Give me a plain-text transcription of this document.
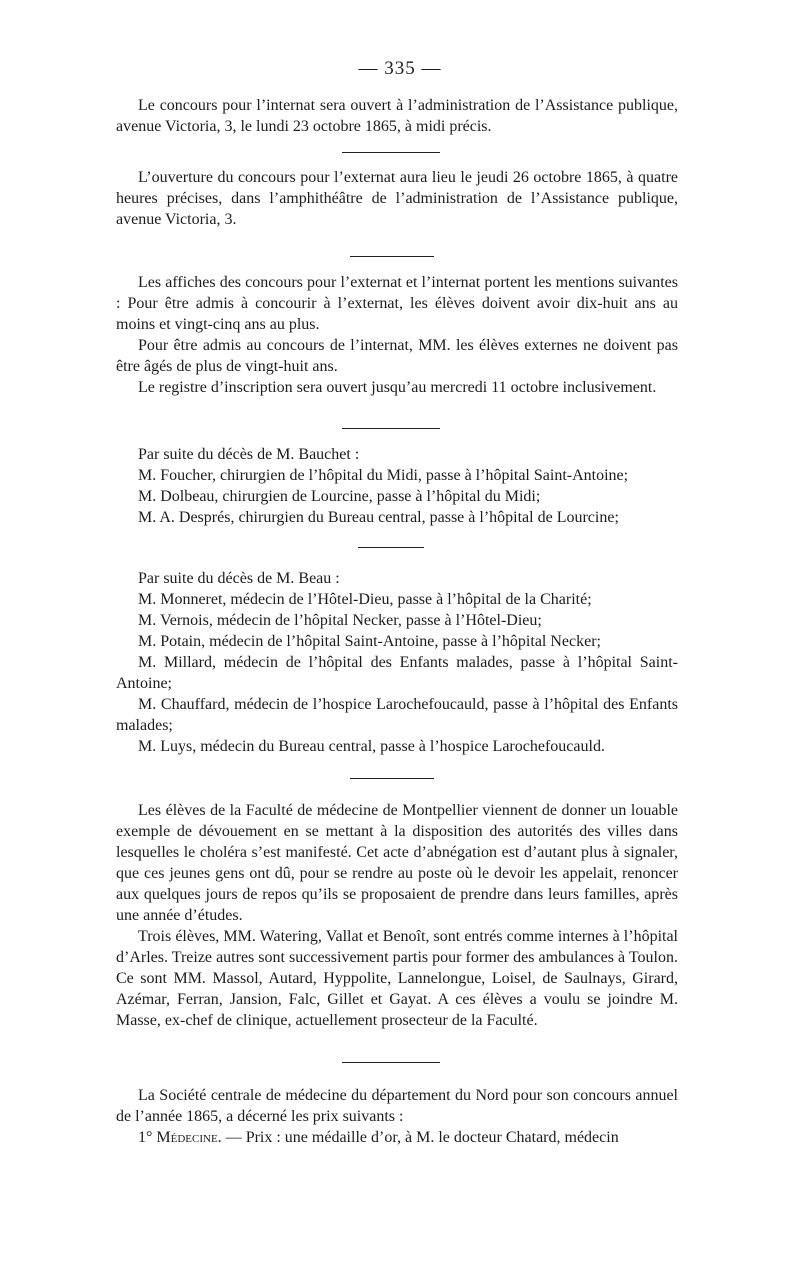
— 335 —

Le concours pour l’internat sera ouvert à l’administration de l’Assistance publique, avenue Victoria, 3, le lundi 23 octobre 1865, à midi précis.

L’ouverture du concours pour l’externat aura lieu le jeudi 26 octobre 1865, à quatre heures précises, dans l’amphithéâtre de l’administration de l’Assistance publique, avenue Victoria, 3.

Les affiches des concours pour l’externat et l’internat portent les mentions suivantes : Pour être admis à concourir à l’externat, les élèves doivent avoir dix-huit ans au moins et vingt-cinq ans au plus.

Pour être admis au concours de l’internat, MM. les élèves externes ne doivent pas être âgés de plus de vingt-huit ans.

Le registre d’inscription sera ouvert jusqu’au mercredi 11 octobre inclusivement.

Par suite du décès de M. Bauchet :

M. Foucher, chirurgien de l’hôpital du Midi, passe à l’hôpital Saint-Antoine;

M. Dolbeau, chirurgien de Lourcine, passe à l’hôpital du Midi;

M. A. Després, chirurgien du Bureau central, passe à l’hôpital de Lourcine;

Par suite du décès de M. Beau :

M. Monneret, médecin de l’Hôtel-Dieu, passe à l’hôpital de la Charité;

M. Vernois, médecin de l’hôpital Necker, passe à l’Hôtel-Dieu;

M. Potain, médecin de l’hôpital Saint-Antoine, passe à l’hôpital Necker;

M. Millard, médecin de l’hôpital des Enfants malades, passe à l’hôpital Saint-Antoine;

M. Chauffard, médecin de l’hospice Larochefoucauld, passe à l’hôpital des Enfants malades;

M. Luys, médecin du Bureau central, passe à l’hospice Larochefoucauld.

Les élèves de la Faculté de médecine de Montpellier viennent de donner un louable exemple de dévouement en se mettant à la disposition des autorités des villes dans lesquelles le choléra s’est manifesté. Cet acte d’abnégation est d’autant plus à signaler, que ces jeunes gens ont dû, pour se rendre au poste où le devoir les appelait, renoncer aux quelques jours de repos qu’ils se proposaient de prendre dans leurs familles, après une année d’études.

Trois élèves, MM. Watering, Vallat et Benoît, sont entrés comme internes à l’hôpital d’Arles. Treize autres sont successivement partis pour former des ambulances à Toulon. Ce sont MM. Massol, Autard, Hyppolite, Lannelongue, Loisel, de Saulnays, Girard, Azémar, Ferran, Jansion, Falc, Gillet et Gayat. A ces élèves a voulu se joindre M. Masse, ex-chef de clinique, actuellement prosecteur de la Faculté.

La Société centrale de médecine du département du Nord pour son concours annuel de l’année 1865, a décerné les prix suivants :

1° Médecine. — Prix : une médaille d’or, à M. le docteur Chatard, médecin
